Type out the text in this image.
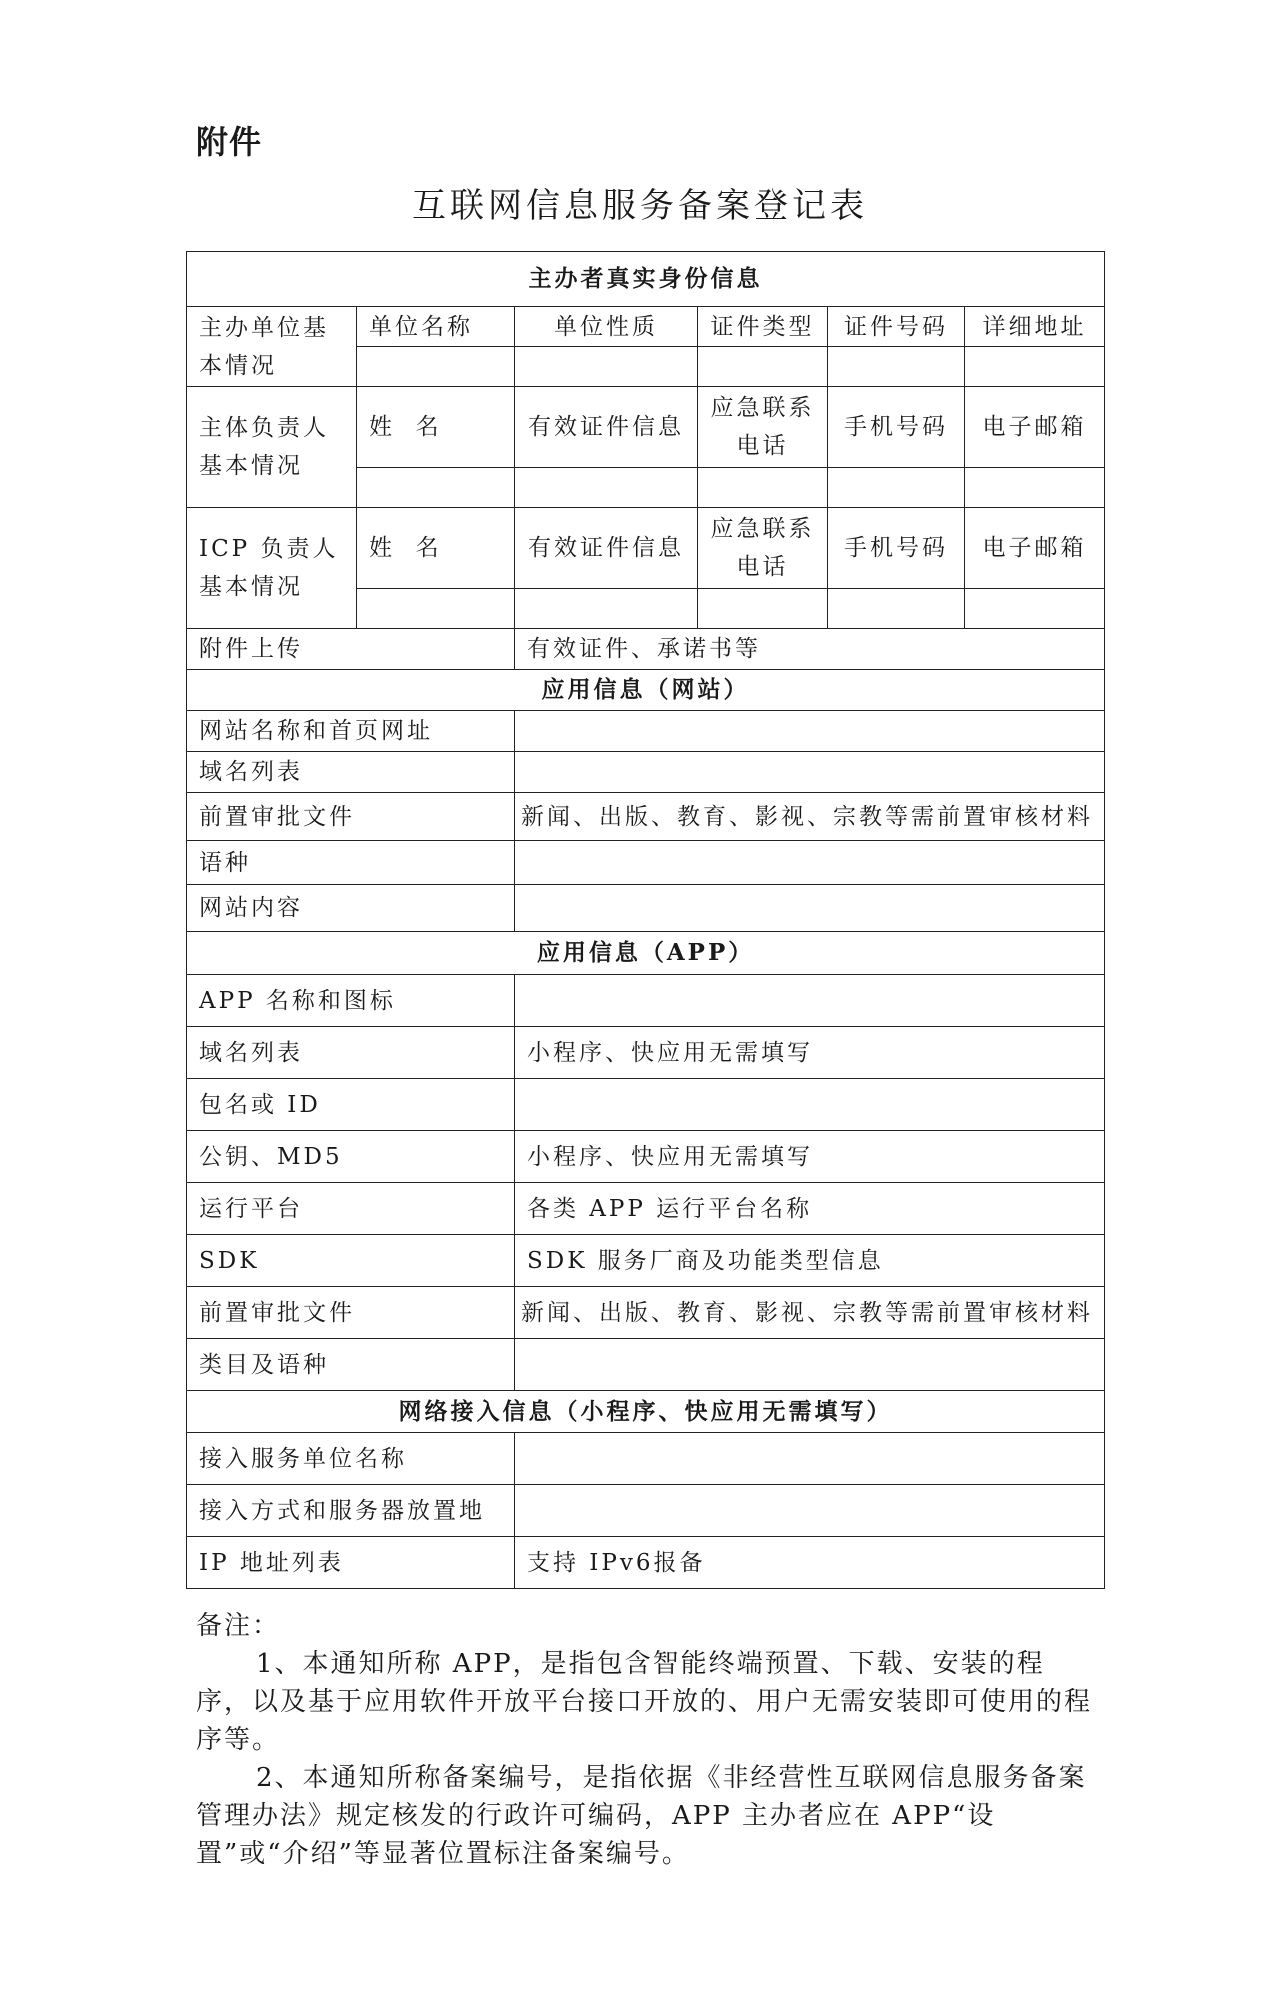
附件
互联网信息服务备案登记表
主办者真实身份信息					
主办单位基本情况	单位名称	单位性质	证件类型	证件号码	详细地址

主体负责人基本情况	姓  名	有效证件信息	应急联系电话	手机号码	电子邮箱

ICP 负责人基本情况	姓  名	有效证件信息	应急联系电话	手机号码	电子邮箱

附件上传		有效证件、承诺书等			
应用信息（网站）					
网站名称和首页网址					
域名列表					
前置审批文件		新闻、出版、教育、影视、宗教等需前置审核材料			
语种					
网站内容					
应用信息（APP）					
APP 名称和图标					
域名列表		小程序、快应用无需填写			
包名或 ID					
公钥、MD5		小程序、快应用无需填写			
运行平台		各类 APP 运行平台名称			
SDK		SDK 服务厂商及功能类型信息			
前置审批文件		新闻、出版、教育、影视、宗教等需前置审核材料			
类目及语种					
网络接入信息（小程序、快应用无需填写）					
接入服务单位名称					
接入方式和服务器放置地					
IP 地址列表		支持 IPv6报备			

备注：

1、本通知所称 APP，是指包含智能终端预置、下载、安装的程序，以及基于应用软件开放平台接口开放的、用户无需安装即可使用的程序等。

2、本通知所称备案编号，是指依据《非经营性互联网信息服务备案管理办法》规定核发的行政许可编码，APP 主办者应在 APP“设置”或“介绍”等显著位置标注备案编号。
